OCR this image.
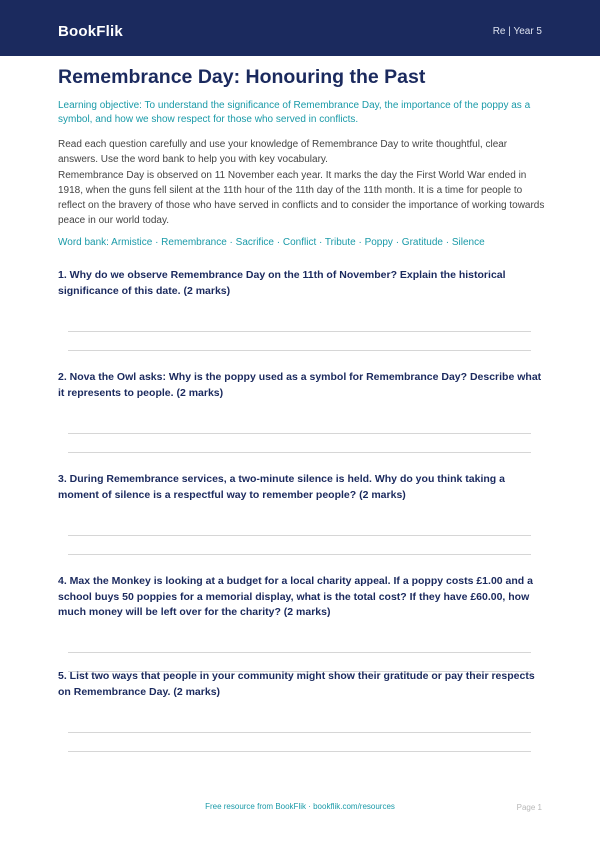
BookFlik	Re | Year 5
Remembrance Day: Honouring the Past

Learning objective: To understand the significance of Remembrance Day, the importance of the poppy as a symbol, and how we show respect for those who served in conflicts.

Read each question carefully and use your knowledge of Remembrance Day to write thoughtful, clear answers. Use the word bank to help you with key vocabulary.

Remembrance Day is observed on 11 November each year. It marks the day the First World War ended in 1918, when the guns fell silent at the 11th hour of the 11th day of the 11th month. It is a time for people to reflect on the bravery of those who have served in conflicts and to consider the importance of working towards peace in our world today.

Word bank: Armistice · Remembrance · Sacrifice · Conflict · Tribute · Poppy · Gratitude · Silence

1. Why do we observe Remembrance Day on the 11th of November? Explain the historical significance of this date. (2 marks)

2. Nova the Owl asks: Why is the poppy used as a symbol for Remembrance Day? Describe what it represents to people. (2 marks)

3. During Remembrance services, a two-minute silence is held. Why do you think taking a moment of silence is a respectful way to remember people? (2 marks)

4. Max the Monkey is looking at a budget for a local charity appeal. If a poppy costs £1.00 and a school buys 50 poppies for a memorial display, what is the total cost? If they have £60.00, how much money will be left over for the charity? (2 marks)

5. List two ways that people in your community might show their gratitude or pay their respects on Remembrance Day. (2 marks)

Free resource from BookFlik · bookflik.com/resources	Page 1
